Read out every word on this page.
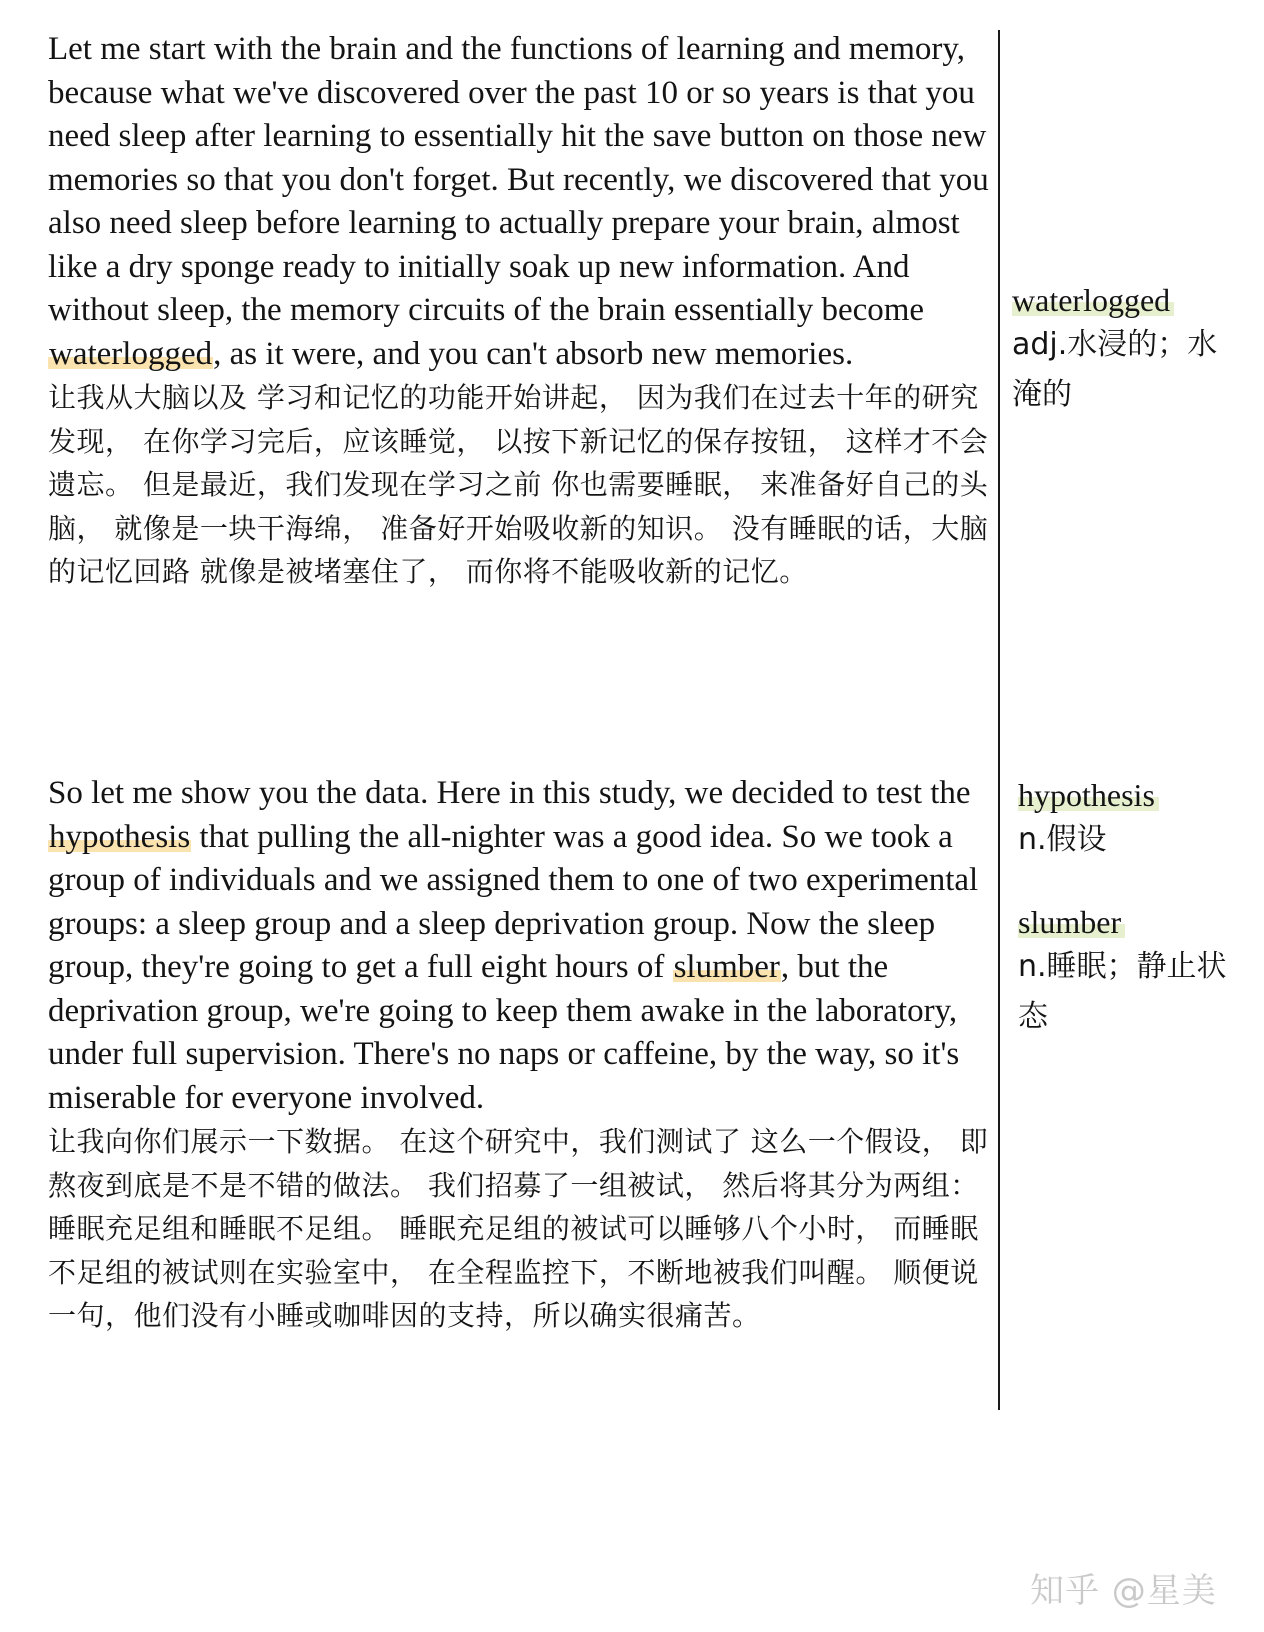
Let me start with the brain and the functions of learning and memory, because what we've discovered over the past 10 or so years is that you need sleep after learning to essentially hit the save button on those new memories so that you don't forget. But recently, we discovered that you also need sleep before learning to actually prepare your brain, almost like a dry sponge ready to initially soak up new information. And without sleep, the memory circuits of the brain essentially become waterlogged, as it were, and you can't absorb new memories.

让我从大脑以及 学习和记忆的功能开始讲起， 因为我们在过去十年的研究发现， 在你学习完后，应该睡觉， 以按下新记忆的保存按钮， 这样才不会遗忘。 但是最近，我们发现在学习之前 你也需要睡眠， 来准备好自己的头脑， 就像是一块干海绵， 准备好开始吸收新的知识。 没有睡眠的话，大脑的记忆回路 就像是被堵塞住了， 而你将不能吸收新的记忆。

So let me show you the data. Here in this study, we decided to test the hypothesis that pulling the all-nighter was a good idea. So we took a group of individuals and we assigned them to one of two experimental groups: a sleep group and a sleep deprivation group. Now the sleep group, they're going to get a full eight hours of slumber, but the deprivation group, we're going to keep them awake in the laboratory, under full supervision. There's no naps or caffeine, by the way, so it's miserable for everyone involved.

让我向你们展示一下数据。 在这个研究中，我们测试了 这么一个假设， 即熬夜到底是不是不错的做法。 我们招募了一组被试， 然后将其分为两组： 睡眠充足组和睡眠不足组。 睡眠充足组的被试可以睡够八个小时， 而睡眠不足组的被试则在实验室中， 在全程监控下，不断地被我们叫醒。 顺便说一句，他们没有小睡或咖啡因的支持，所以确实很痛苦。

waterlogged
adj.水浸的；水淹的
hypothesis
n.假设
slumber
n.睡眠；静止状态
知乎 @星美
